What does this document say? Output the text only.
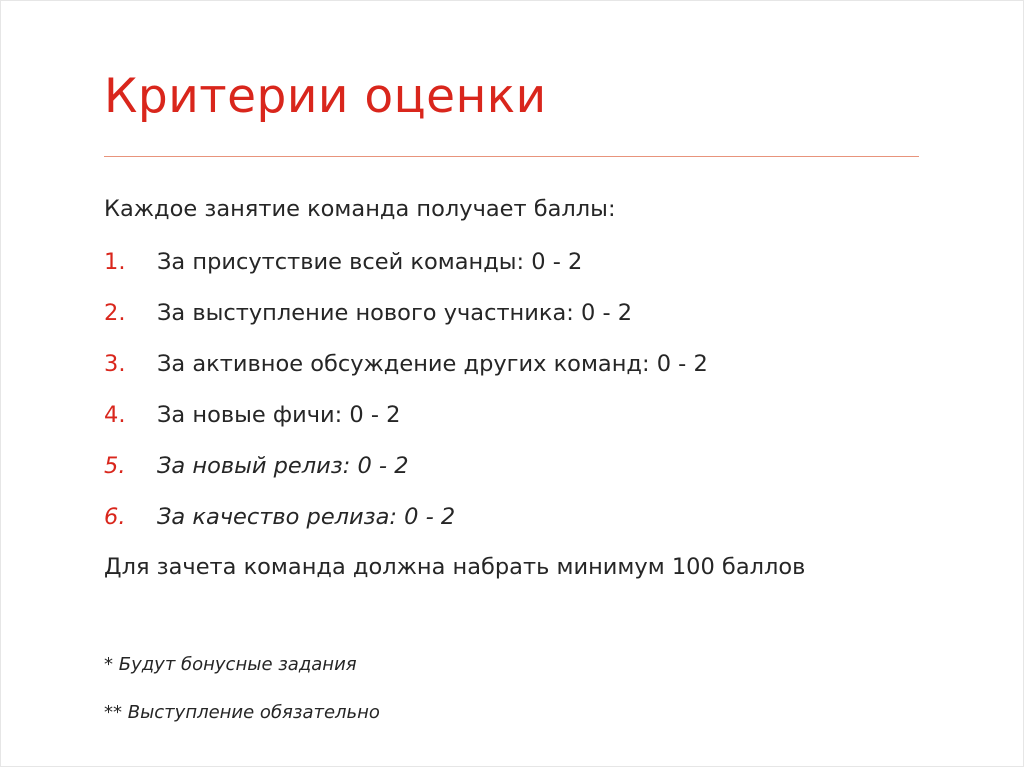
Критерии оценки
Каждое занятие команда получает баллы:
1.	За присутствие всей команды: 0 - 2
2.	За выступление нового участника: 0 - 2
3.	За активное обсуждение других команд: 0 - 2
4.	За новые фичи: 0 - 2
5.	За новый релиз: 0 - 2
6.	За качество релиза: 0 - 2
Для зачета команда должна набрать минимум 100 баллов
* Будут бонусные задания
** Выступление обязательно
